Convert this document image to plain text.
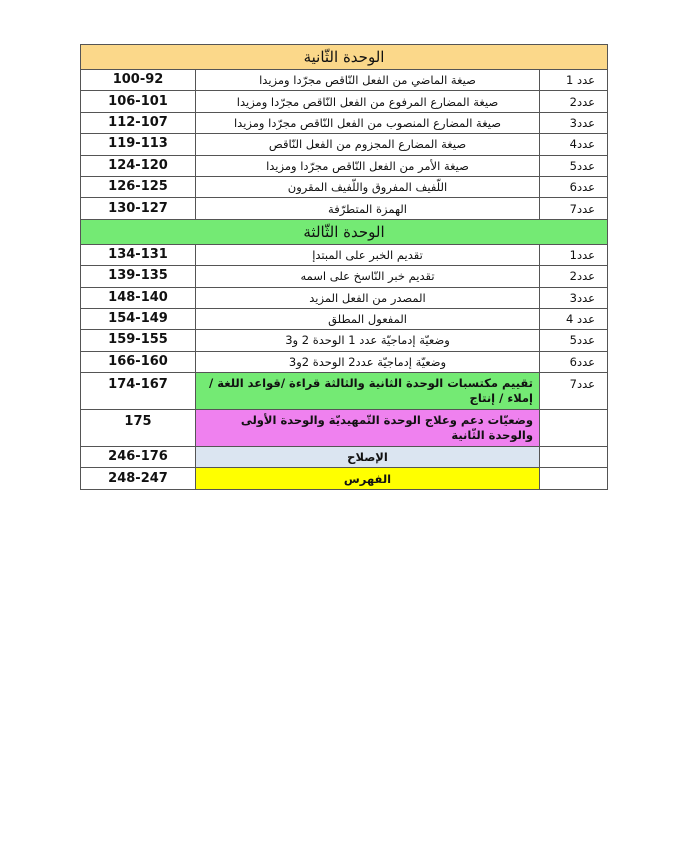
الوحدة الثّانية		
100-92	صيغة الماضي من الفعل النّاقص مجرّدا ومزيدا	عدد 1
106-101	صيغة المضارع المرفوع من الفعل النّاقص مجرّدا ومزيدا	عدد2
112-107	صيغة المضارع المنصوب من الفعل النّاقص مجرّدا ومزيدا	عدد3
119-113	صيغة المضارع المجزوم من الفعل النّاقص	عدد4
124-120	صيغة الأمر من الفعل النّاقص مجرّدا ومزيدا	عدد5
126-125	اللّفيف المفروق واللّفيف المقرون	عدد6
130-127	الهمزة المتطرّفة	عدد7
الوحدة الثّالثة		
134-131	تقديم الخبر على المبتدإ	عدد1
139-135	تقديم خبر النّاسخ على اسمه	عدد2
148-140	المصدر من الفعل المزيد	عدد3
154-149	المفعول المطلق	عدد 4
159-155	وضعيّة إدماجيّة عدد 1 الوحدة 2 و3	عدد5
166-160	وضعيّة إدماجيّة عدد2 الوحدة 2و3	عدد6
174-167	تقييم مكتسبات الوحدة الثانية والثالثة قراءة /قواعد اللغة / إملاء / إنتاج	عدد7
175	وضعيّات دعم وعلاج الوحدة التّمهيديّة والوحدة الأولى والوحدة الثّانية	
246-176	الإصلاح	
248-247	الفهرس	
